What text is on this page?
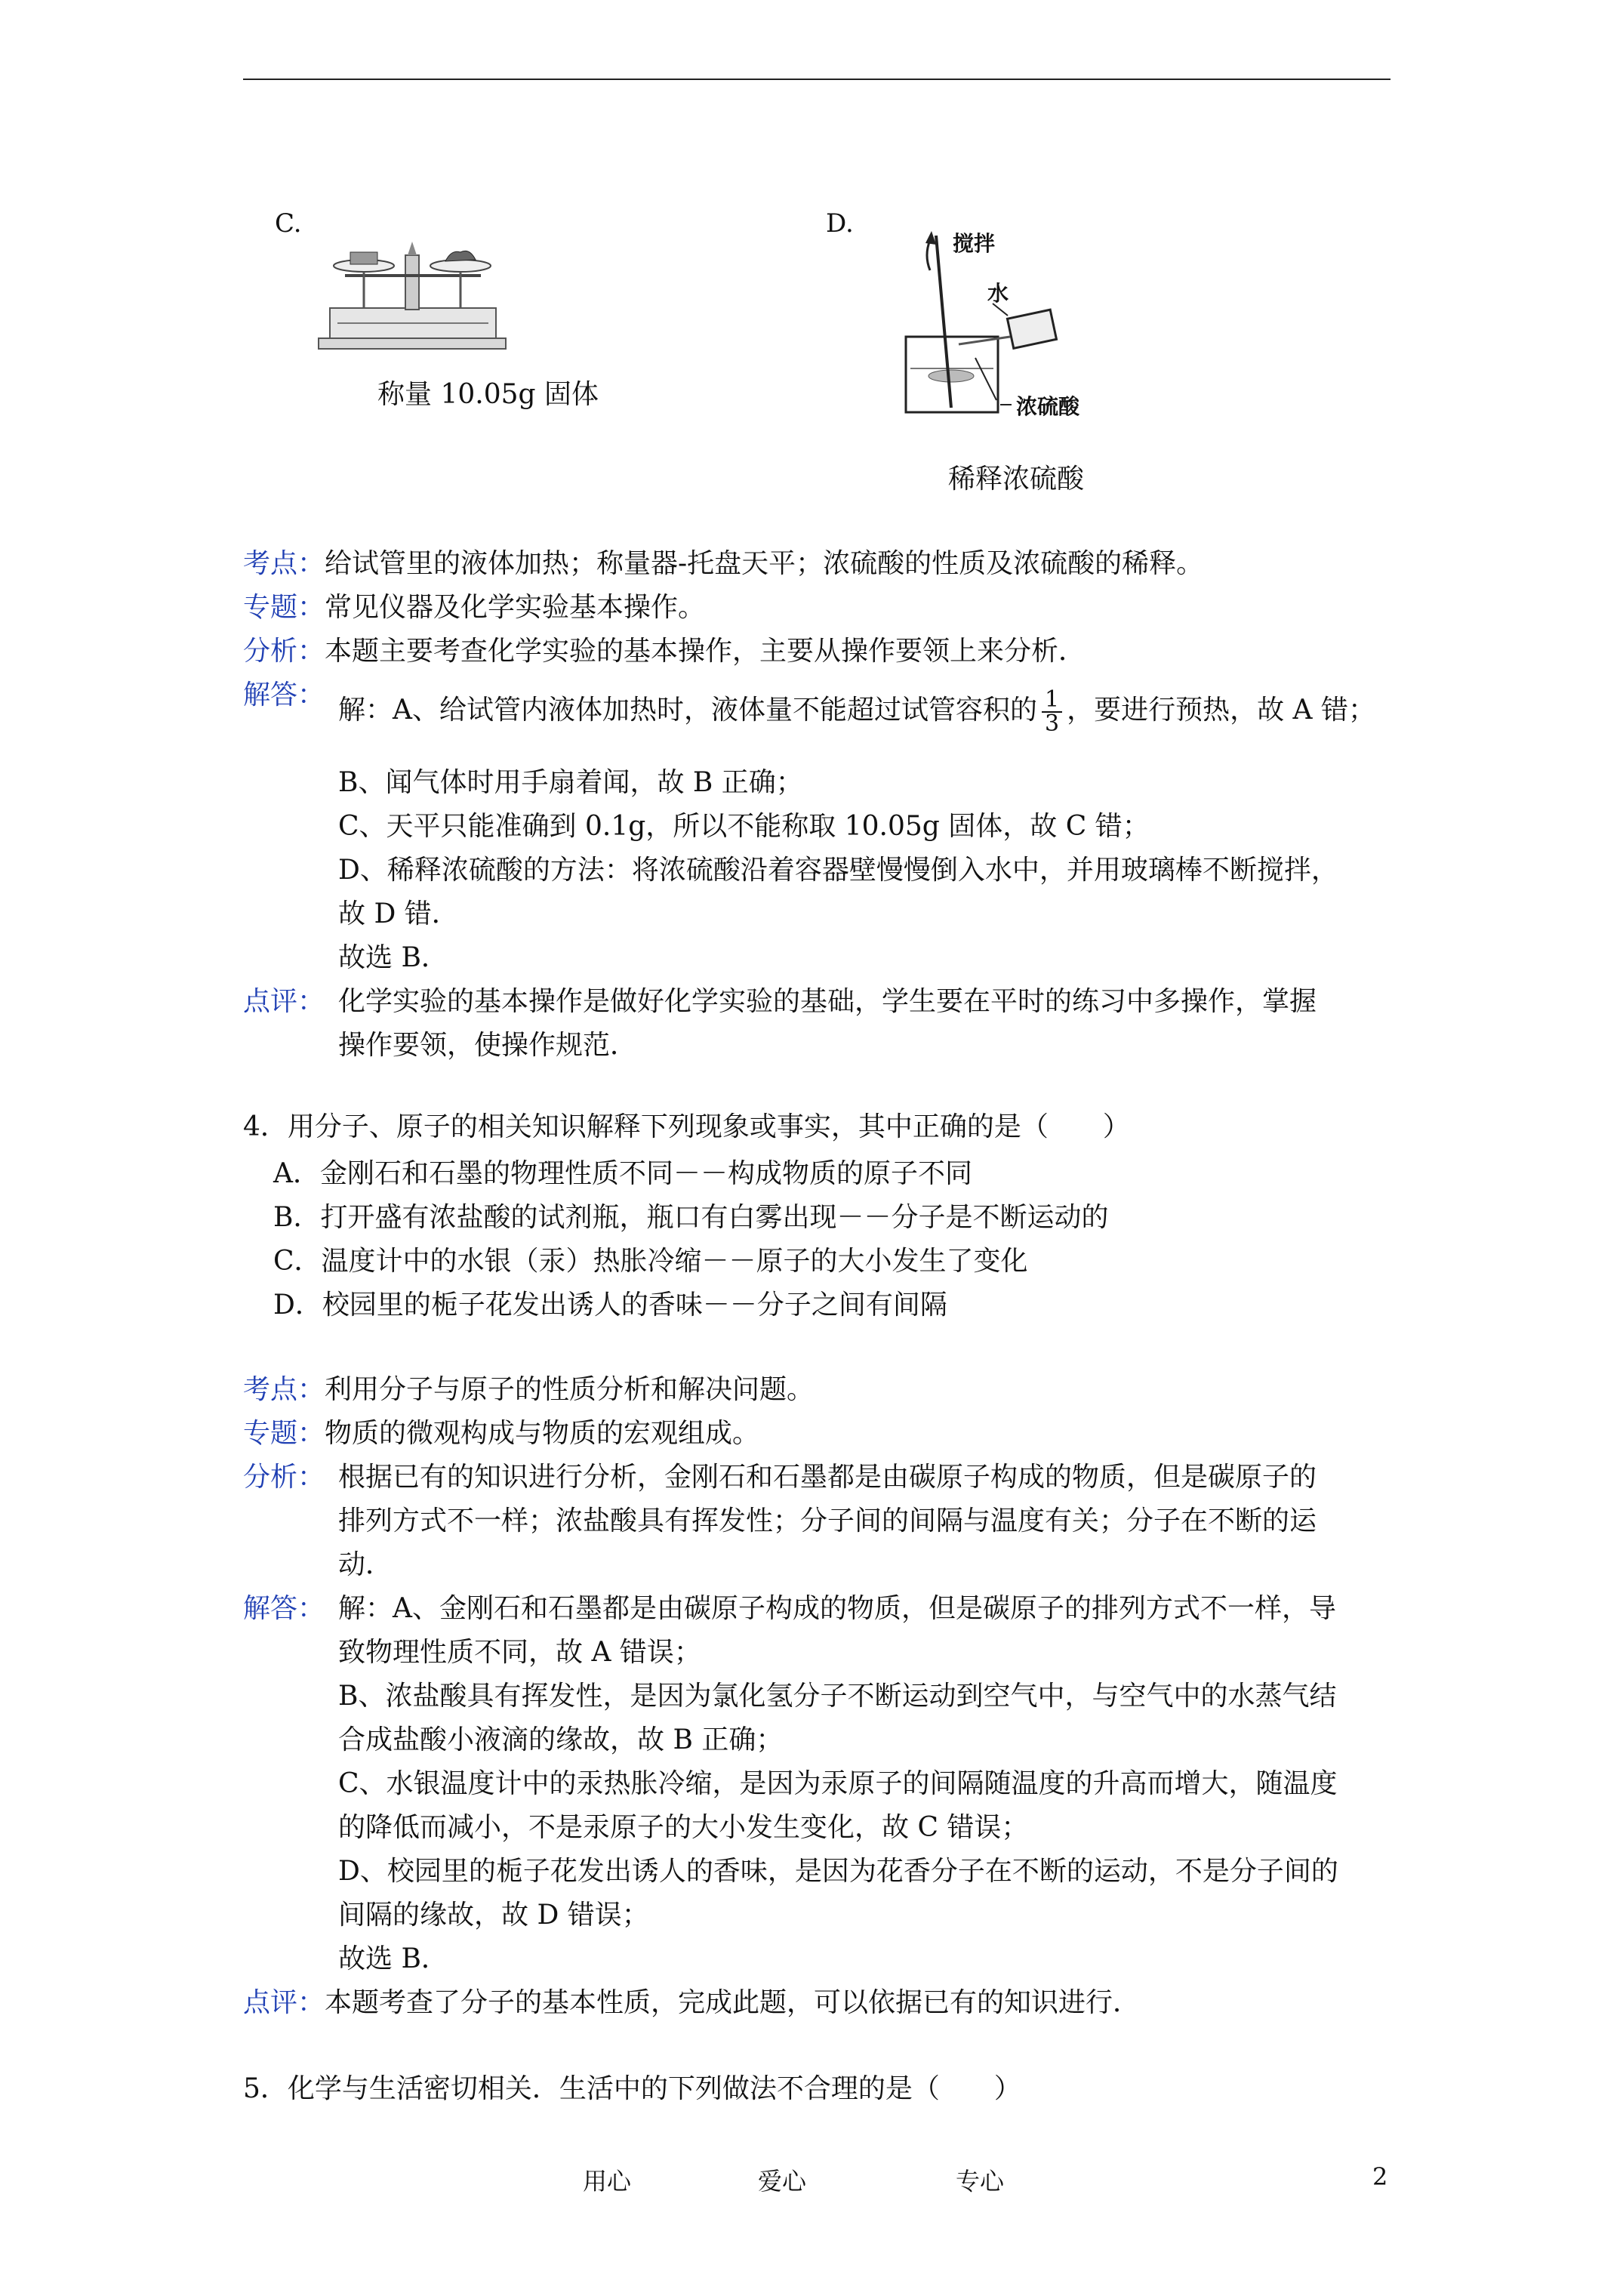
C.
称量 10.05g 固体
D.
搅拌
水
浓硫酸
稀释浓硫酸
考点：给试管里的液体加热；称量器-托盘天平；浓硫酸的性质及浓硫酸的稀释。
专题：常见仪器及化学实验基本操作。
分析：本题主要考查化学实验的基本操作，主要从操作要领上来分析．
解答： 解：A、给试管内液体加热时，液体量不能超过试管容积的 $\frac{1}{3}$ ，要进行预热，故 A 错；
B、闻气体时用手扇着闻，故 B 正确；
C、天平只能准确到 0.1g，所以不能称取 10.05g 固体，故 C 错；
D、稀释浓硫酸的方法：将浓硫酸沿着容器壁慢慢倒入水中，并用玻璃棒不断搅拌，
故 D 错．
故选 B．
点评： 化学实验的基本操作是做好化学实验的基础，学生要在平时的练习中多操作，掌握
操作要领，使操作规范．
4．用分子、原子的相关知识解释下列现象或事实，其中正确的是（　　）
A．金刚石和石墨的物理性质不同－－构成物质的原子不同
B．打开盛有浓盐酸的试剂瓶，瓶口有白雾出现－－分子是不断运动的
C．温度计中的水银（汞）热胀冷缩－－原子的大小发生了变化
D．校园里的栀子花发出诱人的香味－－分子之间有间隔
考点：利用分子与原子的性质分析和解决问题。
专题：物质的微观构成与物质的宏观组成。
分析： 根据已有的知识进行分析，金刚石和石墨都是由碳原子构成的物质，但是碳原子的
排列方式不一样；浓盐酸具有挥发性；分子间的间隔与温度有关；分子在不断的运
动．
解答： 解：A、金刚石和石墨都是由碳原子构成的物质，但是碳原子的排列方式不一样，导
致物理性质不同，故 A 错误；
B、浓盐酸具有挥发性，是因为氯化氢分子不断运动到空气中，与空气中的水蒸气结
合成盐酸小液滴的缘故，故 B 正确；
C、水银温度计中的汞热胀冷缩，是因为汞原子的间隔随温度的升高而增大，随温度
的降低而减小，不是汞原子的大小发生变化，故 C 错误；
D、校园里的栀子花发出诱人的香味，是因为花香分子在不断的运动，不是分子间的
间隔的缘故，故 D 错误；
故选 B．
点评：本题考查了分子的基本性质，完成此题，可以依据已有的知识进行．
5．化学与生活密切相关．生活中的下列做法不合理的是（　　）
用心	爱心	专心	2
